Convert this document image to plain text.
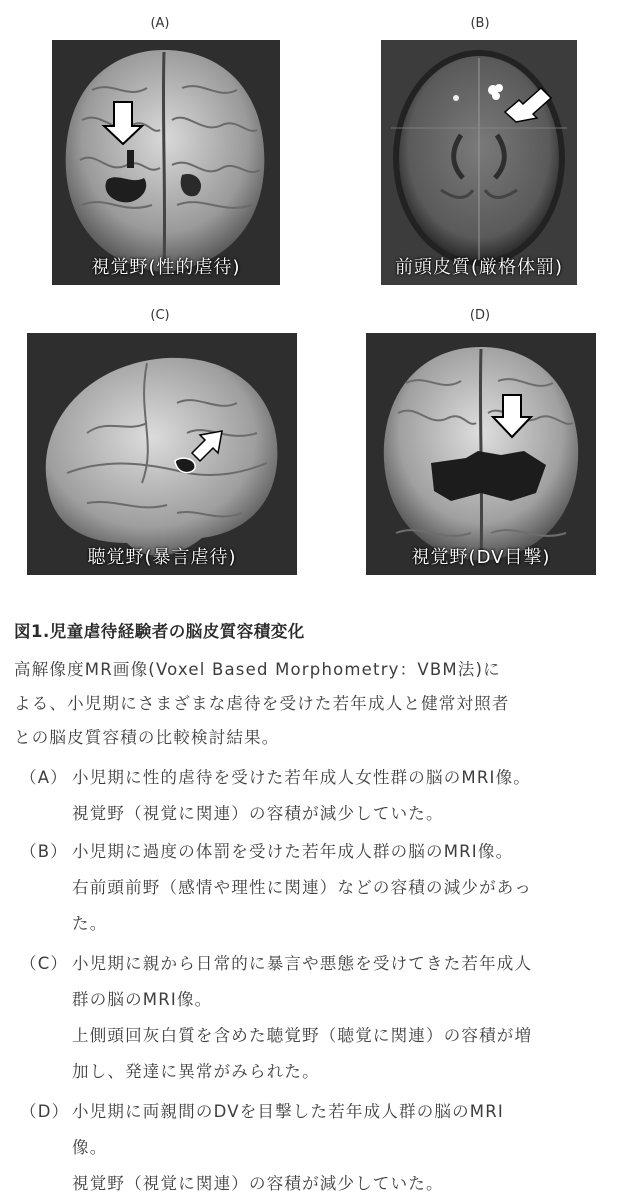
(A)	(B)
(C)	(D)
視覚野(性的虐待)	前頭皮質(厳格体罰)
聴覚野(暴言虐待)	視覚野(DV目撃)
図1.児童虐待経験者の脳皮質容積変化
高解像度MR画像(Voxel Based Morphometry：VBM法)に
よる、小児期にさまざまな虐待を受けた若年成人と健常対照者
との脳皮質容積の比較検討結果。
（A） 小児期に性的虐待を受けた若年成人女性群の脳のMRI像。
視覚野（視覚に関連）の容積が減少していた。
（B） 小児期に過度の体罰を受けた若年成人群の脳のMRI像。
右前頭前野（感情や理性に関連）などの容積の減少があっ
た。
（C） 小児期に親から日常的に暴言や悪態を受けてきた若年成人
群の脳のMRI像。
上側頭回灰白質を含めた聴覚野（聴覚に関連）の容積が増
加し、発達に異常がみられた。
（D） 小児期に両親間のDVを目撃した若年成人群の脳のMRI
像。
視覚野（視覚に関連）の容積が減少していた。
